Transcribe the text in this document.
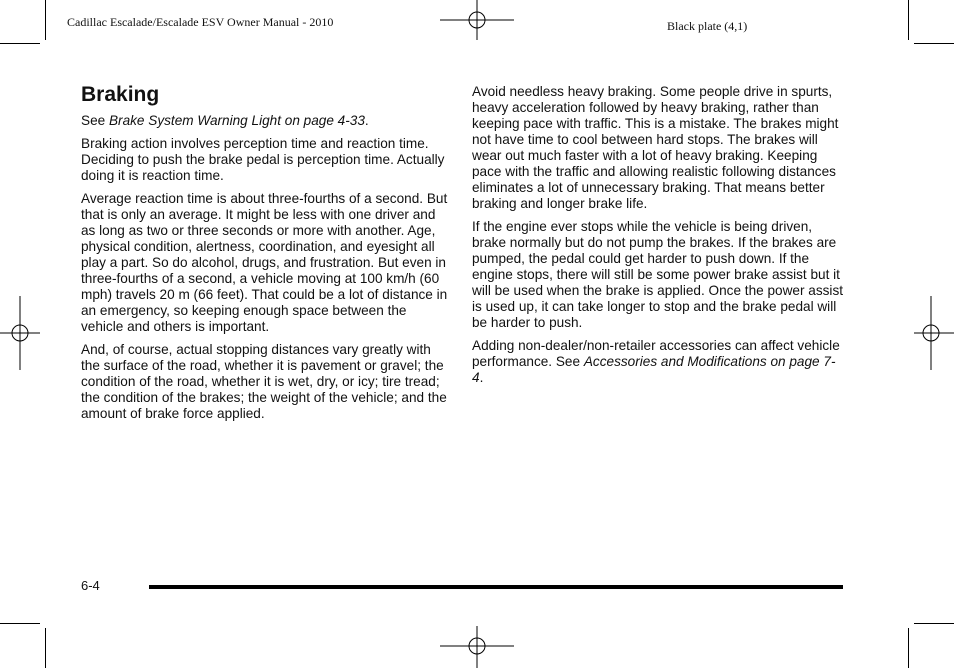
Cadillac Escalade/Escalade ESV Owner Manual - 2010	Black plate (4,1)
Braking

See Brake System Warning Light on page 4-33.

Braking action involves perception time and reaction time. Deciding to push the brake pedal is perception time. Actually doing it is reaction time.

Average reaction time is about three-fourths of a second. But that is only an average. It might be less with one driver and as long as two or three seconds or more with another. Age, physical condition, alertness, coordination, and eyesight all play a part. So do alcohol, drugs, and frustration. But even in three-fourths of a second, a vehicle moving at 100 km/h (60 mph) travels 20 m (66 feet). That could be a lot of distance in an emergency, so keeping enough space between the vehicle and others is important.

And, of course, actual stopping distances vary greatly with the surface of the road, whether it is pavement or gravel; the condition of the road, whether it is wet, dry, or icy; tire tread; the condition of the brakes; the weight of the vehicle; and the amount of brake force applied.

Avoid needless heavy braking. Some people drive in spurts, heavy acceleration followed by heavy braking, rather than keeping pace with traffic. This is a mistake. The brakes might not have time to cool between hard stops. The brakes will wear out much faster with a lot of heavy braking. Keeping pace with the traffic and allowing realistic following distances eliminates a lot of unnecessary braking. That means better braking and longer brake life.

If the engine ever stops while the vehicle is being driven, brake normally but do not pump the brakes. If the brakes are pumped, the pedal could get harder to push down. If the engine stops, there will still be some power brake assist but it will be used when the brake is applied. Once the power assist is used up, it can take longer to stop and the brake pedal will be harder to push.

Adding non-dealer/non-retailer accessories can affect vehicle performance. See Accessories and Modifications on page 7-4.

6-4
